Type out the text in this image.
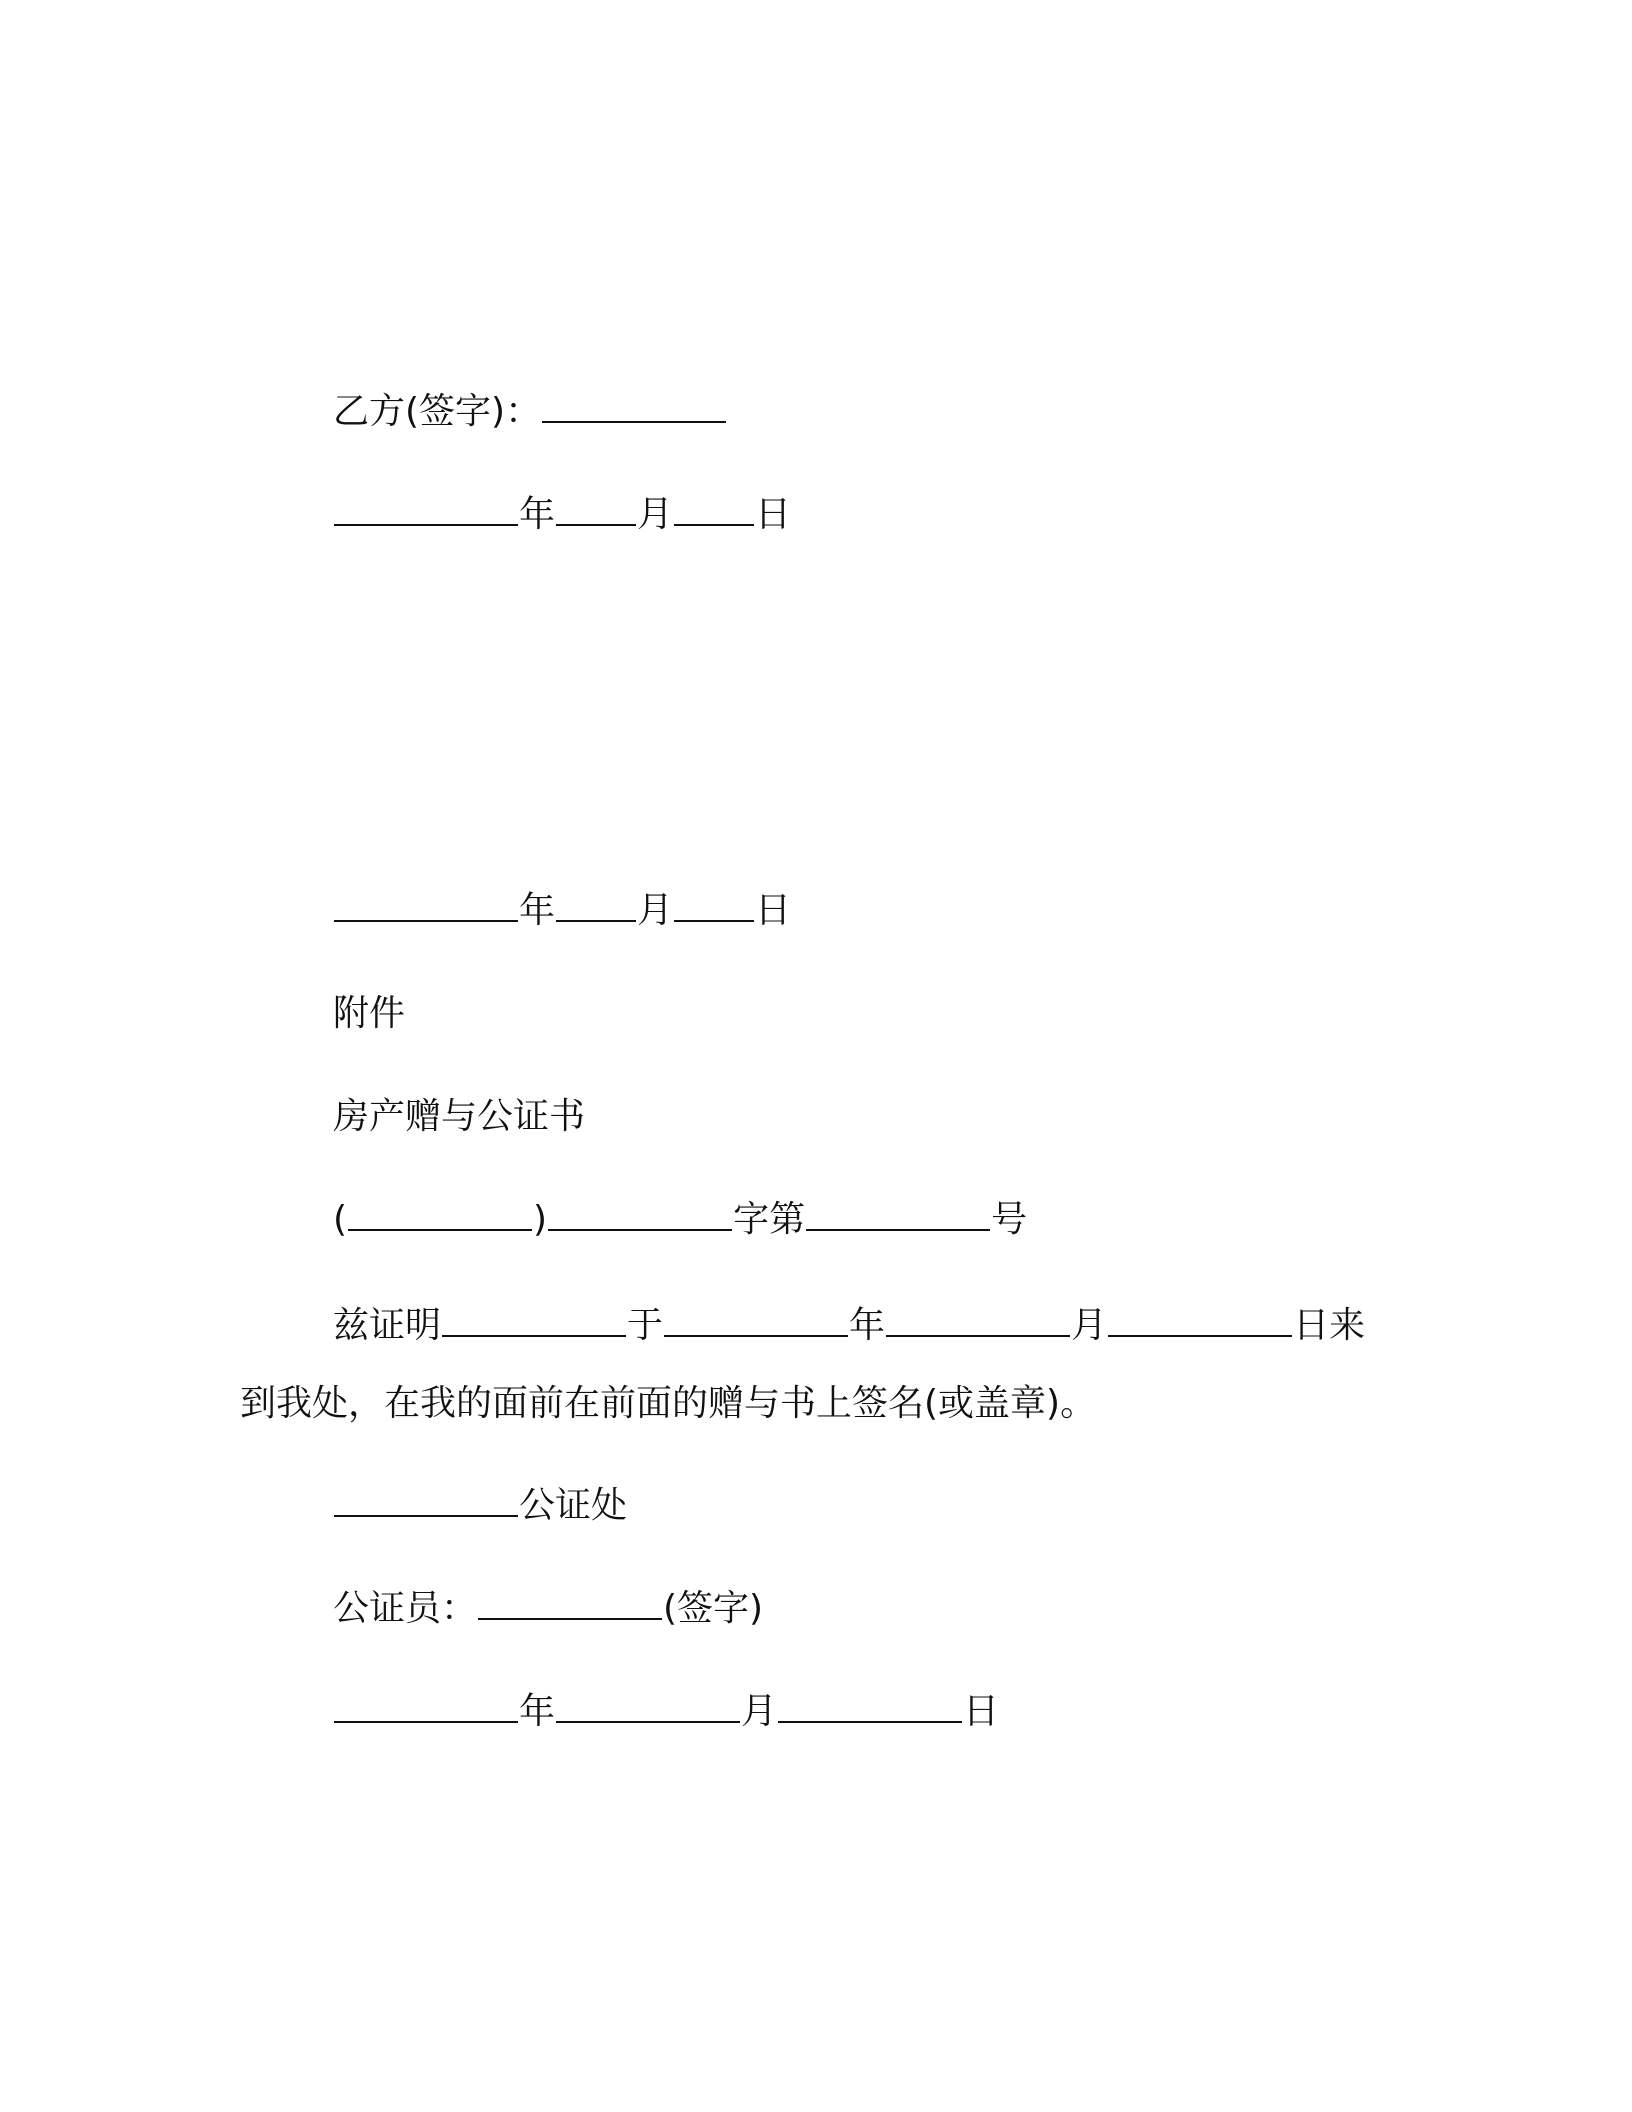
乙方(签字)：
年 月 日
年 月 日
附件
房产赠与公证书
(	)	字第	号
兹证明	于	年	月	日来到我处，在我的面前在前面的赠与书上签名(或盖章)。
公证处
公证员：	(签字)
年	月	日
